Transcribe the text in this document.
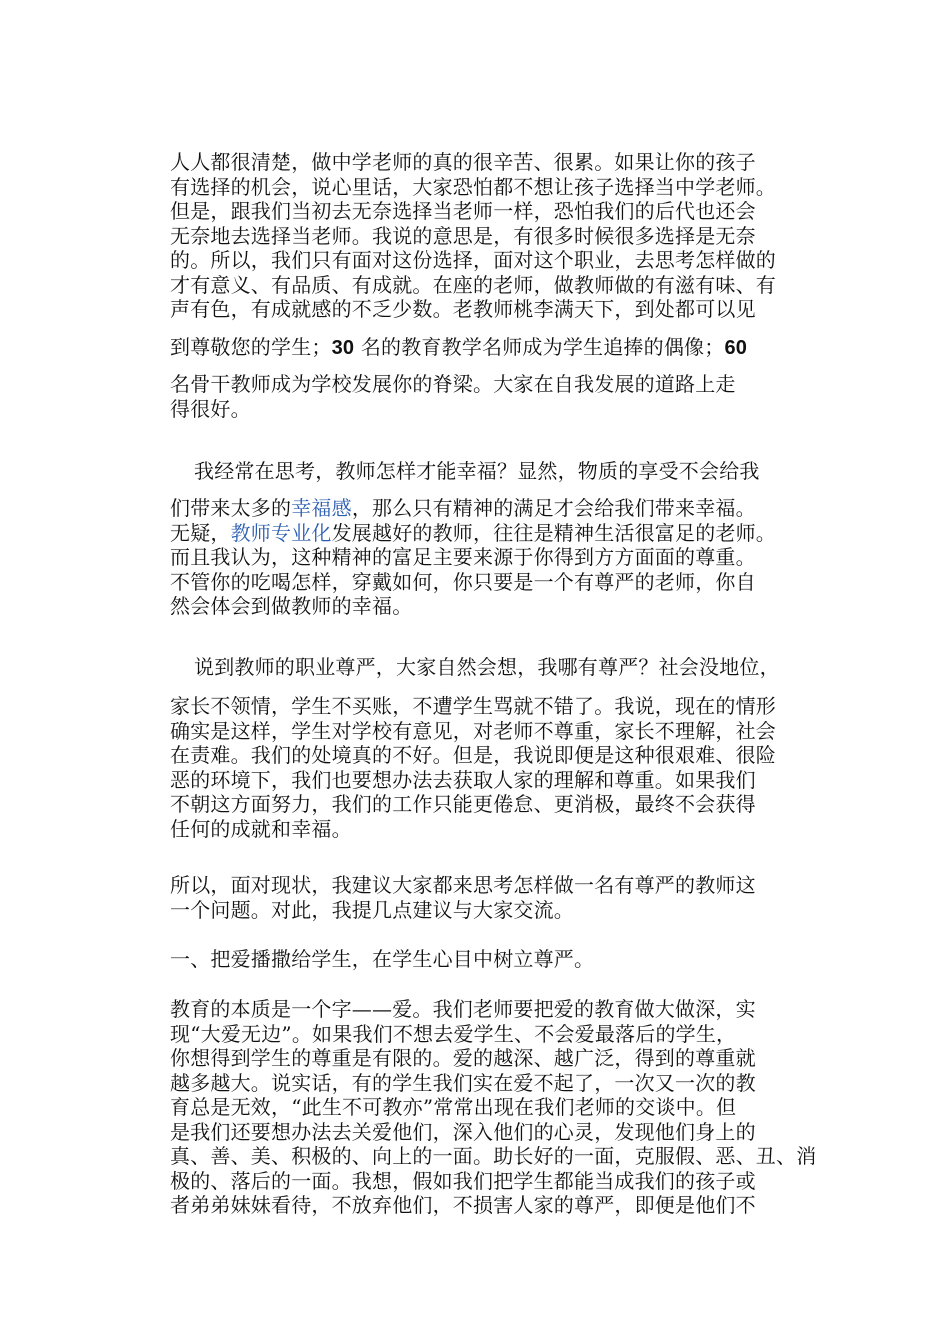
人人都很清楚，做中学老师的真的很辛苦、很累。如果让你的孩子
有选择的机会，说心里话，大家恐怕都不想让孩子选择当中学老师。
但是，跟我们当初去无奈选择当老师一样，恐怕我们的后代也还会
无奈地去选择当老师。我说的意思是，有很多时候很多选择是无奈
的。所以，我们只有面对这份选择，面对这个职业，去思考怎样做的
才有意义、有品质、有成就。在座的老师，做教师做的有滋有味、有
声有色，有成就感的不乏少数。老教师桃李满天下，到处都可以见
到尊敬您的学生；30 名的教育教学名师成为学生追捧的偶像；60
名骨干教师成为学校发展你的脊梁。大家在自我发展的道路上走
得很好。
我经常在思考，教师怎样才能幸福？显然，物质的享受不会给我
们带来太多的幸福感，那么只有精神的满足才会给我们带来幸福。
无疑，教师专业化发展越好的教师，往往是精神生活很富足的老师。
而且我认为，这种精神的富足主要来源于你得到方方面面的尊重。
不管你的吃喝怎样，穿戴如何，你只要是一个有尊严的老师，你自
然会体会到做教师的幸福。
说到教师的职业尊严，大家自然会想，我哪有尊严？社会没地位，
家长不领情，学生不买账，不遭学生骂就不错了。我说，现在的情形
确实是这样，学生对学校有意见，对老师不尊重，家长不理解，社会
在责难。我们的处境真的不好。但是，我说即便是这种很艰难、很险
恶的环境下，我们也要想办法去获取人家的理解和尊重。如果我们
不朝这方面努力，我们的工作只能更倦怠、更消极，最终不会获得
任何的成就和幸福。
所以，面对现状，我建议大家都来思考怎样做一名有尊严的教师这
一个问题。对此，我提几点建议与大家交流。
一、把爱播撒给学生，在学生心目中树立尊严。
教育的本质是一个字——爱。我们老师要把爱的教育做大做深，实
现“大爱无边”。如果我们不想去爱学生、不会爱最落后的学生，
你想得到学生的尊重是有限的。爱的越深、越广泛，得到的尊重就
越多越大。说实话，有的学生我们实在爱不起了，一次又一次的教
育总是无效，“此生不可教亦”常常出现在我们老师的交谈中。但
是我们还要想办法去关爱他们，深入他们的心灵，发现他们身上的
真、善、美、积极的、向上的一面。助长好的一面，克服假、恶、丑、消
极的、落后的一面。我想，假如我们把学生都能当成我们的孩子或
者弟弟妹妹看待，不放弃他们，不损害人家的尊严，即便是他们不
